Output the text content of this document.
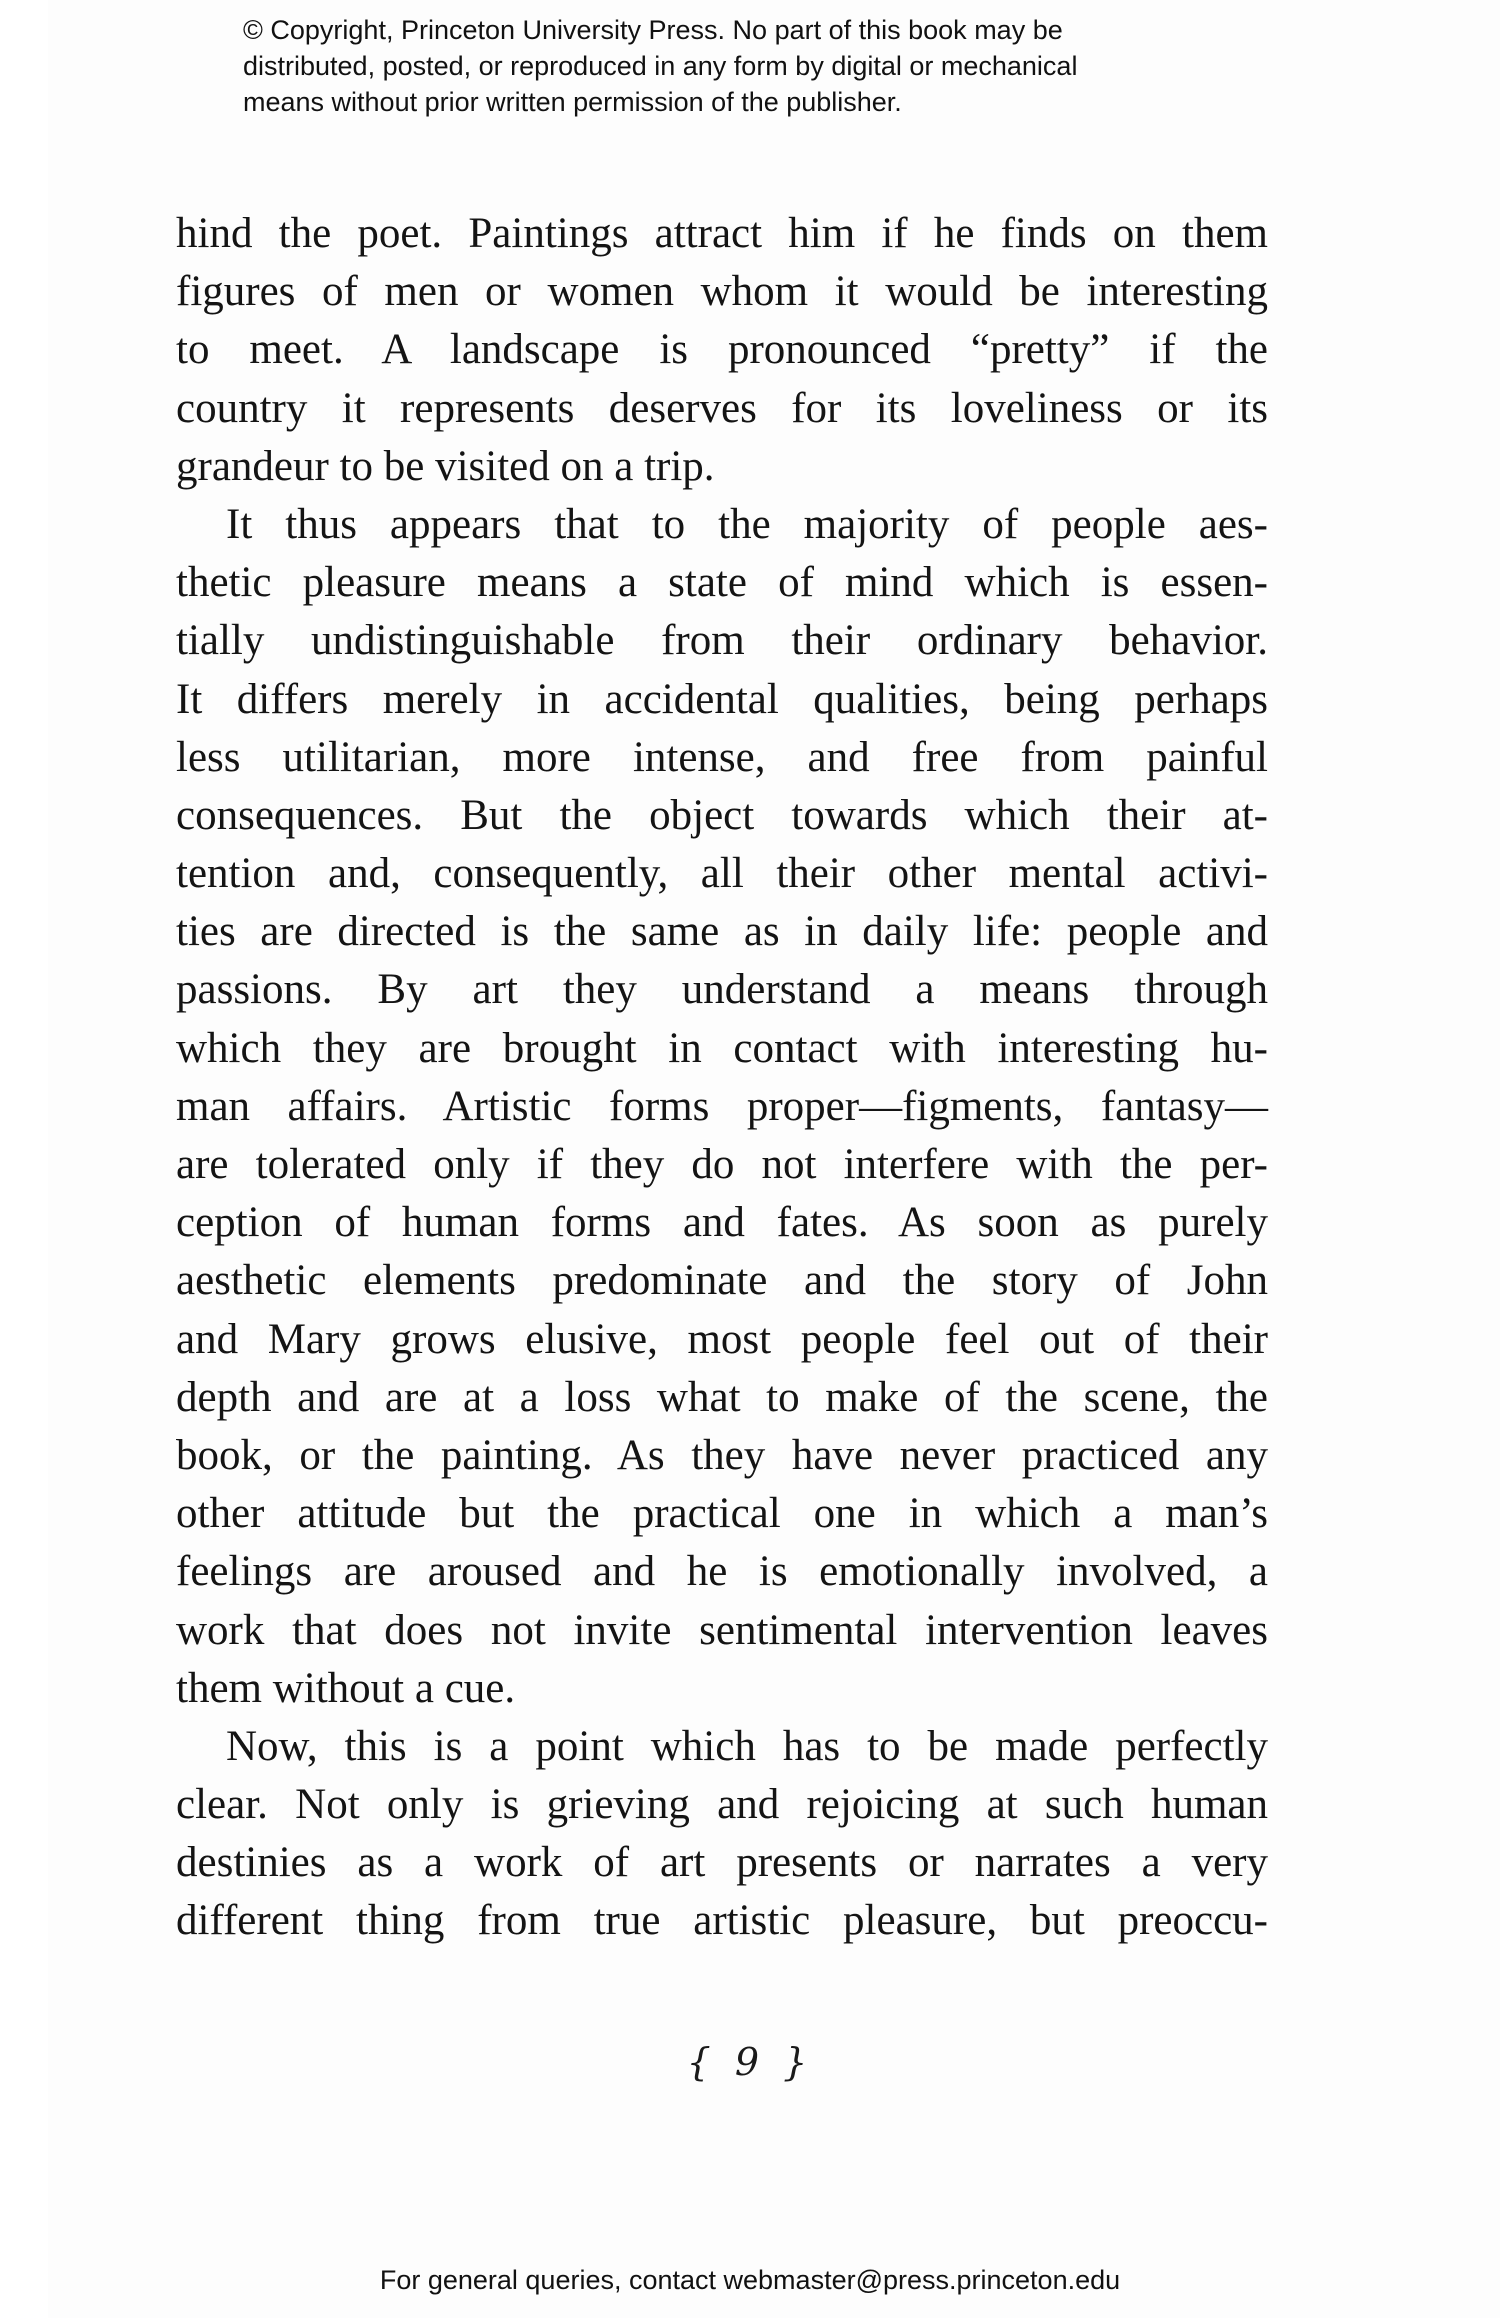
© Copyright, Princeton University Press. No part of this book may be
distributed, posted, or reproduced in any form by digital or mechanical
means without prior written permission of the publisher.
hind the poet. Paintings attract him if he finds on them
figures of men or women whom it would be interesting
to meet. A landscape is pronounced “pretty” if the
country it represents deserves for its loveliness or its
grandeur to be visited on a trip.
It thus appears that to the majority of people aes-
thetic pleasure means a state of mind which is essen-
tially undistinguishable from their ordinary behavior.
It differs merely in accidental qualities, being perhaps
less utilitarian, more intense, and free from painful
consequences. But the object towards which their at-
tention and, consequently, all their other mental activi-
ties are directed is the same as in daily life: people and
passions. By art they understand a means through
which they are brought in contact with interesting hu-
man affairs. Artistic forms proper—figments, fantasy—
are tolerated only if they do not interfere with the per-
ception of human forms and fates. As soon as purely
aesthetic elements predominate and the story of John
and Mary grows elusive, most people feel out of their
depth and are at a loss what to make of the scene, the
book, or the painting. As they have never practiced any
other attitude but the practical one in which a man’s
feelings are aroused and he is emotionally involved, a
work that does not invite sentimental intervention leaves
them without a cue.
Now, this is a point which has to be made perfectly
clear. Not only is grieving and rejoicing at such human
destinies as a work of art presents or narrates a very
different thing from true artistic pleasure, but preoccu-
{ 9 }
For general queries, contact webmaster@press.princeton.edu
